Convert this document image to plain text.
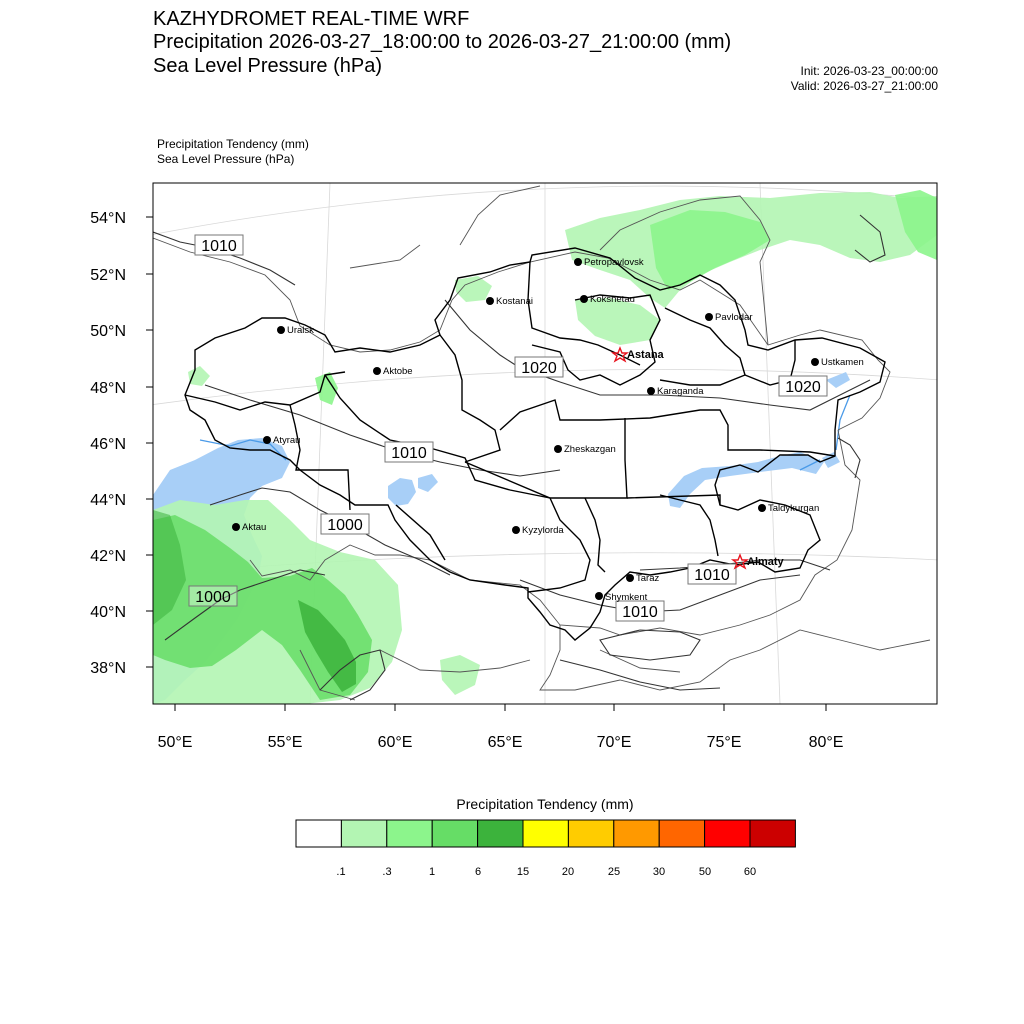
KAZHYDROMET REAL-TIME WRF
Precipitation 2026-03-27_18:00:00 to 2026-03-27_21:00:00 (mm)
Sea Level Pressure (hPa)	Init: 2026-03-23_00:00:00
Valid: 2026-03-27_21:00:00
Precipitation Tendency (mm)
Sea Level Pressure (hPa)
54°N
52°N
50°N
48°N
46°N
44°N
42°N
40°N
38°N
50°E	55°E	60°E	65°E	70°E	75°E	80°E
1010
1020
1020
1010
1000
1000
1010
1010
Petropavlovsk
Kostanai	Kokshetau
Pavlodar
Uralsk
Astana
Aktobe
Ustkamen
Karaganda
Atyrau
Zheskazgan
Aktau	Kyzylorda
Taldykurgan
Almaty
Taraz
Shymkent
Precipitation Tendency (mm)
.1	.3	1	6	15	20	25	30	50	60
